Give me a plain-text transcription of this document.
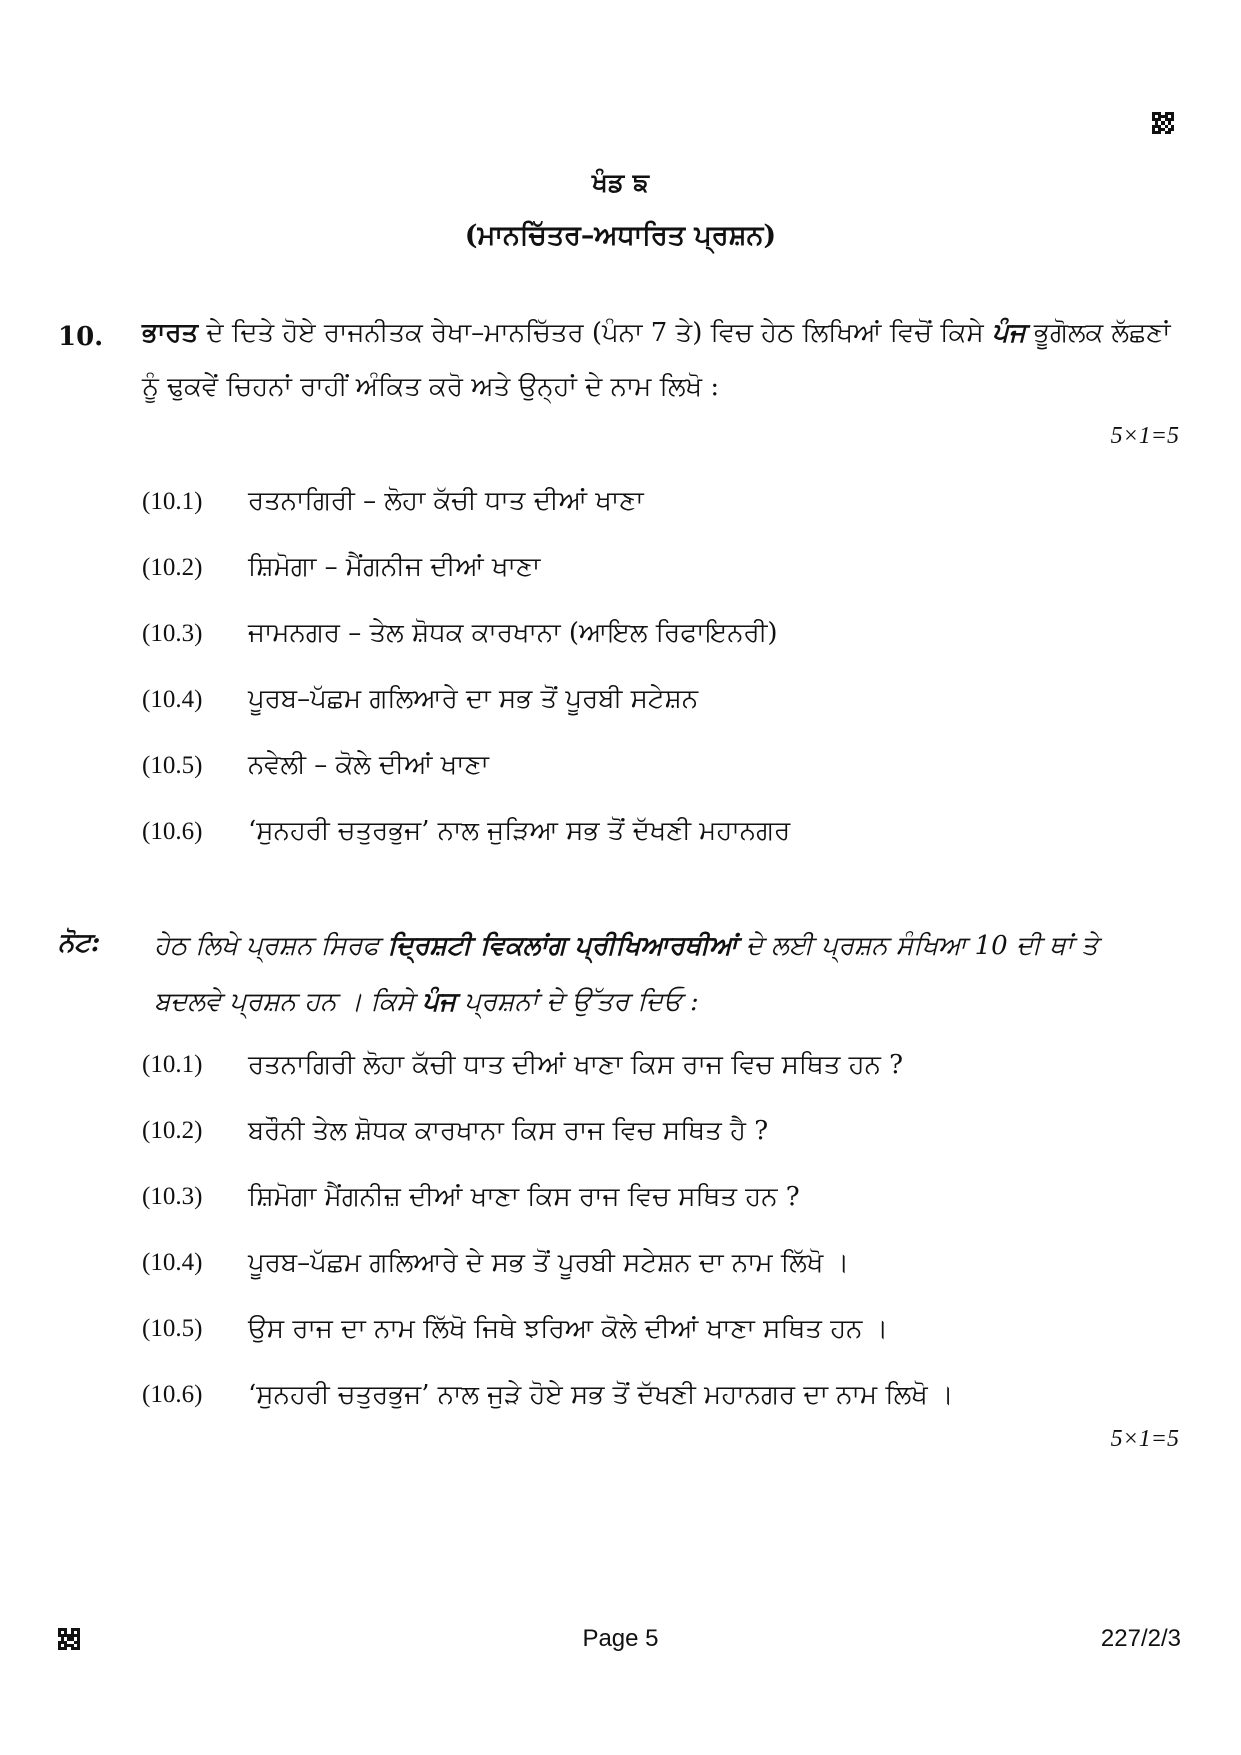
ਖੰਡ ਙ
(ਮਾਨਚਿੱਤਰ–ਅਧਾਰਿਤ ਪ੍ਰਸ਼ਨ)
10. ਭਾਰਤ ਦੇ ਦਿਤੇ ਹੋਏ ਰਾਜਨੀਤਕ ਰੇਖਾ–ਮਾਨਚਿੱਤਰ (ਪੰਨਾ 7 ਤੇ) ਵਿਚ ਹੇਠ ਲਿਖਿਆਂ ਵਿਚੋਂ ਕਿਸੇ ਪੰਜ ਭੂਗੋਲਕ ਲੱਛਣਾਂ ਨੂੰ ਢੁਕਵੇਂ ਚਿਹਨਾਂ ਰਾਹੀਂ ਅੰਕਿਤ ਕਰੋ ਅਤੇ ਉਨ੍ਹਾਂ ਦੇ ਨਾਮ ਲਿਖੋ :
5×1=5
(10.1) ਰਤਨਾਗਿਰੀ – ਲੋਹਾ ਕੱਚੀ ਧਾਤ ਦੀਆਂ ਖਾਣਾ
(10.2) ਸ਼ਿਮੋਗਾ – ਮੈਂਗਨੀਜ ਦੀਆਂ ਖਾਣਾ
(10.3) ਜਾਮਨਗਰ – ਤੇਲ ਸ਼ੋਧਕ ਕਾਰਖਾਨਾ (ਆਇਲ ਰਿਫਾਇਨਰੀ)
(10.4) ਪੂਰਬ–ਪੱਛਮ ਗਲਿਆਰੇ ਦਾ ਸਭ ਤੋਂ ਪੂਰਬੀ ਸਟੇਸ਼ਨ
(10.5) ਨਵੇਲੀ – ਕੋਲੇ ਦੀਆਂ ਖਾਣਾ
(10.6) ‘ਸੁਨਹਰੀ ਚਤੁਰਭੁਜ’ ਨਾਲ ਜੁੜਿਆ ਸਭ ਤੋਂ ਦੱਖਣੀ ਮਹਾਨਗਰ
ਨੋਟ: ਹੇਠ ਲਿਖੇ ਪ੍ਰਸ਼ਨ ਸਿਰਫ ਦ੍ਰਿਸ਼ਟੀ ਵਿਕਲਾਂਗ ਪ੍ਰੀਖਿਆਰਥੀਆਂ ਦੇ ਲਈ ਪ੍ਰਸ਼ਨ ਸੰਖਿਆ 10 ਦੀ ਥਾਂ ਤੇ ਬਦਲਵੇ ਪ੍ਰਸ਼ਨ ਹਨ । ਕਿਸੇ ਪੰਜ ਪ੍ਰਸ਼ਨਾਂ ਦੇ ਉੱਤਰ ਦਿਓ :
(10.1) ਰਤਨਾਗਿਰੀ ਲੋਹਾ ਕੱਚੀ ਧਾਤ ਦੀਆਂ ਖਾਣਾ ਕਿਸ ਰਾਜ ਵਿਚ ਸਥਿਤ ਹਨ ?
(10.2) ਬਰੌਨੀ ਤੇਲ ਸ਼ੋਧਕ ਕਾਰਖਾਨਾ ਕਿਸ ਰਾਜ ਵਿਚ ਸਥਿਤ ਹੈ ?
(10.3) ਸ਼ਿਮੋਗਾ ਮੈਂਗਨੀਜ਼ ਦੀਆਂ ਖਾਣਾ ਕਿਸ ਰਾਜ ਵਿਚ ਸਥਿਤ ਹਨ ?
(10.4) ਪੂਰਬ–ਪੱਛਮ ਗਲਿਆਰੇ ਦੇ ਸਭ ਤੋਂ ਪੂਰਬੀ ਸਟੇਸ਼ਨ ਦਾ ਨਾਮ ਲਿੱਖੋ ।
(10.5) ਉਸ ਰਾਜ ਦਾ ਨਾਮ ਲਿੱਖੋ ਜਿਥੇ ਝਰਿਆ ਕੋਲੇ ਦੀਆਂ ਖਾਣਾ ਸਥਿਤ ਹਨ ।
(10.6) ‘ਸੁਨਹਰੀ ਚਤੁਰਭੁਜ’ ਨਾਲ ਜੁੜੇ ਹੋਏ ਸਭ ਤੋਂ ਦੱਖਣੀ ਮਹਾਨਗਰ ਦਾ ਨਾਮ ਲਿਖੋ ।
5×1=5
Page 5	227/2/3
